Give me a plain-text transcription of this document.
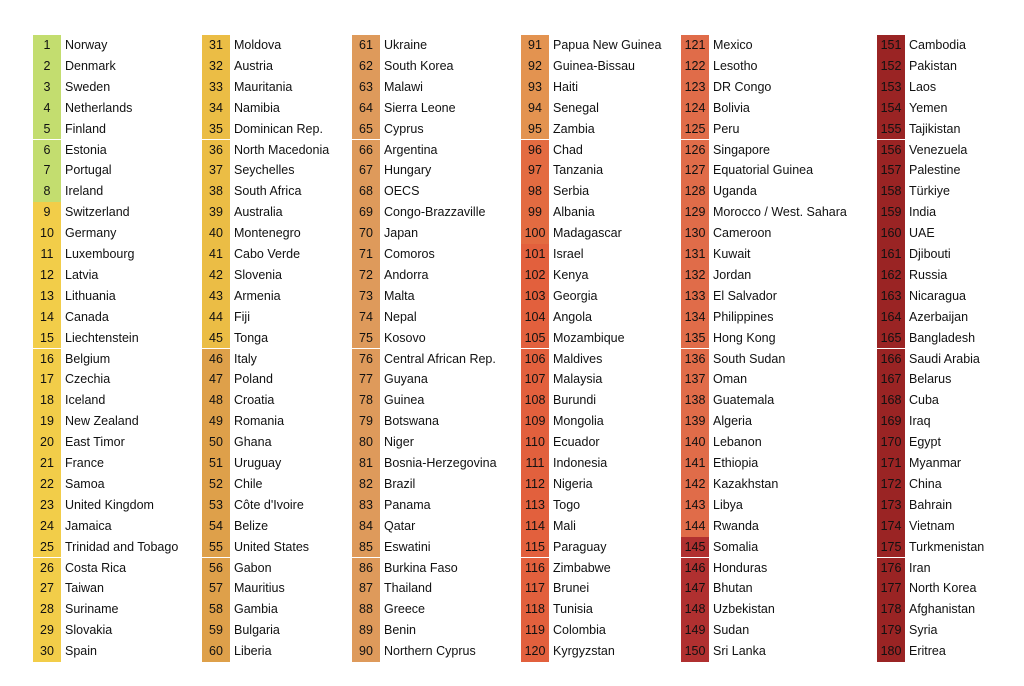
1	Norway
2	Denmark
3	Sweden
4	Netherlands
5	Finland
6	Estonia
7	Portugal
8	Ireland
9	Switzerland
10 Germany
11 Luxembourg
12 Latvia
13 Lithuania
14 Canada
15 Liechtenstein
16 Belgium
17 Czechia
18 Iceland
19 New Zealand
20 East Timor
21 France
22 Samoa
23 United Kingdom
24 Jamaica
25 Trinidad and Tobago
26 Costa Rica
27 Taiwan
28 Suriname
29 Slovakia
30 Spain
31 Moldova
32 Austria
33 Mauritania
34 Namibia
35 Dominican Rep.
36 North Macedonia
37 Seychelles
38 South Africa
39 Australia
40 Montenegro
41 Cabo Verde
42 Slovenia
43 Armenia
44 Fiji
45 Tonga
46 Italy
47 Poland
48 Croatia
49 Romania
50 Ghana
51 Uruguay
52 Chile
53 Côte d'Ivoire
54 Belize
55 United States
56 Gabon
57 Mauritius
58 Gambia
59 Bulgaria
60 Liberia
61 Ukraine
62 South Korea
63 Malawi
64 Sierra Leone
65 Cyprus
66 Argentina
67 Hungary
68 OECS
69 Congo-Brazzaville
70 Japan
71 Comoros
72 Andorra
73 Malta
74 Nepal
75 Kosovo
76 Central African Rep.
77 Guyana
78 Guinea
79 Botswana
80 Niger
81 Bosnia-Herzegovina
82 Brazil
83 Panama
84 Qatar
85 Eswatini
86 Burkina Faso
87 Thailand
88 Greece
89 Benin
90 Northern Cyprus
91 Papua New Guinea
92 Guinea-Bissau
93 Haiti
94 Senegal
95 Zambia
96 Chad
97 Tanzania
98 Serbia
99 Albania
100 Madagascar
101 Israel
102 Kenya
103 Georgia
104 Angola
105 Mozambique
106 Maldives
107 Malaysia
108 Burundi
109 Mongolia
110 Ecuador
111 Indonesia
112 Nigeria
113 Togo
114 Mali
115 Paraguay
116 Zimbabwe
117 Brunei
118 Tunisia
119 Colombia
120 Kyrgyzstan
121 Mexico
122 Lesotho
123 DR Congo
124 Bolivia
125 Peru
126 Singapore
127 Equatorial Guinea
128 Uganda
129 Morocco / West. Sahara
130 Cameroon
131 Kuwait
132 Jordan
133 El Salvador
134 Philippines
135 Hong Kong
136 South Sudan
137 Oman
138 Guatemala
139 Algeria
140 Lebanon
141 Ethiopia
142 Kazakhstan
143 Libya
144 Rwanda
145 Somalia
146 Honduras
147 Bhutan
148 Uzbekistan
149 Sudan
150 Sri Lanka
151 Cambodia
152 Pakistan
153 Laos
154 Yemen
155 Tajikistan
156 Venezuela
157 Palestine
158 Türkiye
159 India
160 UAE
161 Djibouti
162 Russia
163 Nicaragua
164 Azerbaijan
165 Bangladesh
166 Saudi Arabia
167 Belarus
168 Cuba
169 Iraq
170 Egypt
171 Myanmar
172 China
173 Bahrain
174 Vietnam
175 Turkmenistan
176 Iran
177 North Korea
178 Afghanistan
179 Syria
180 Eritrea
